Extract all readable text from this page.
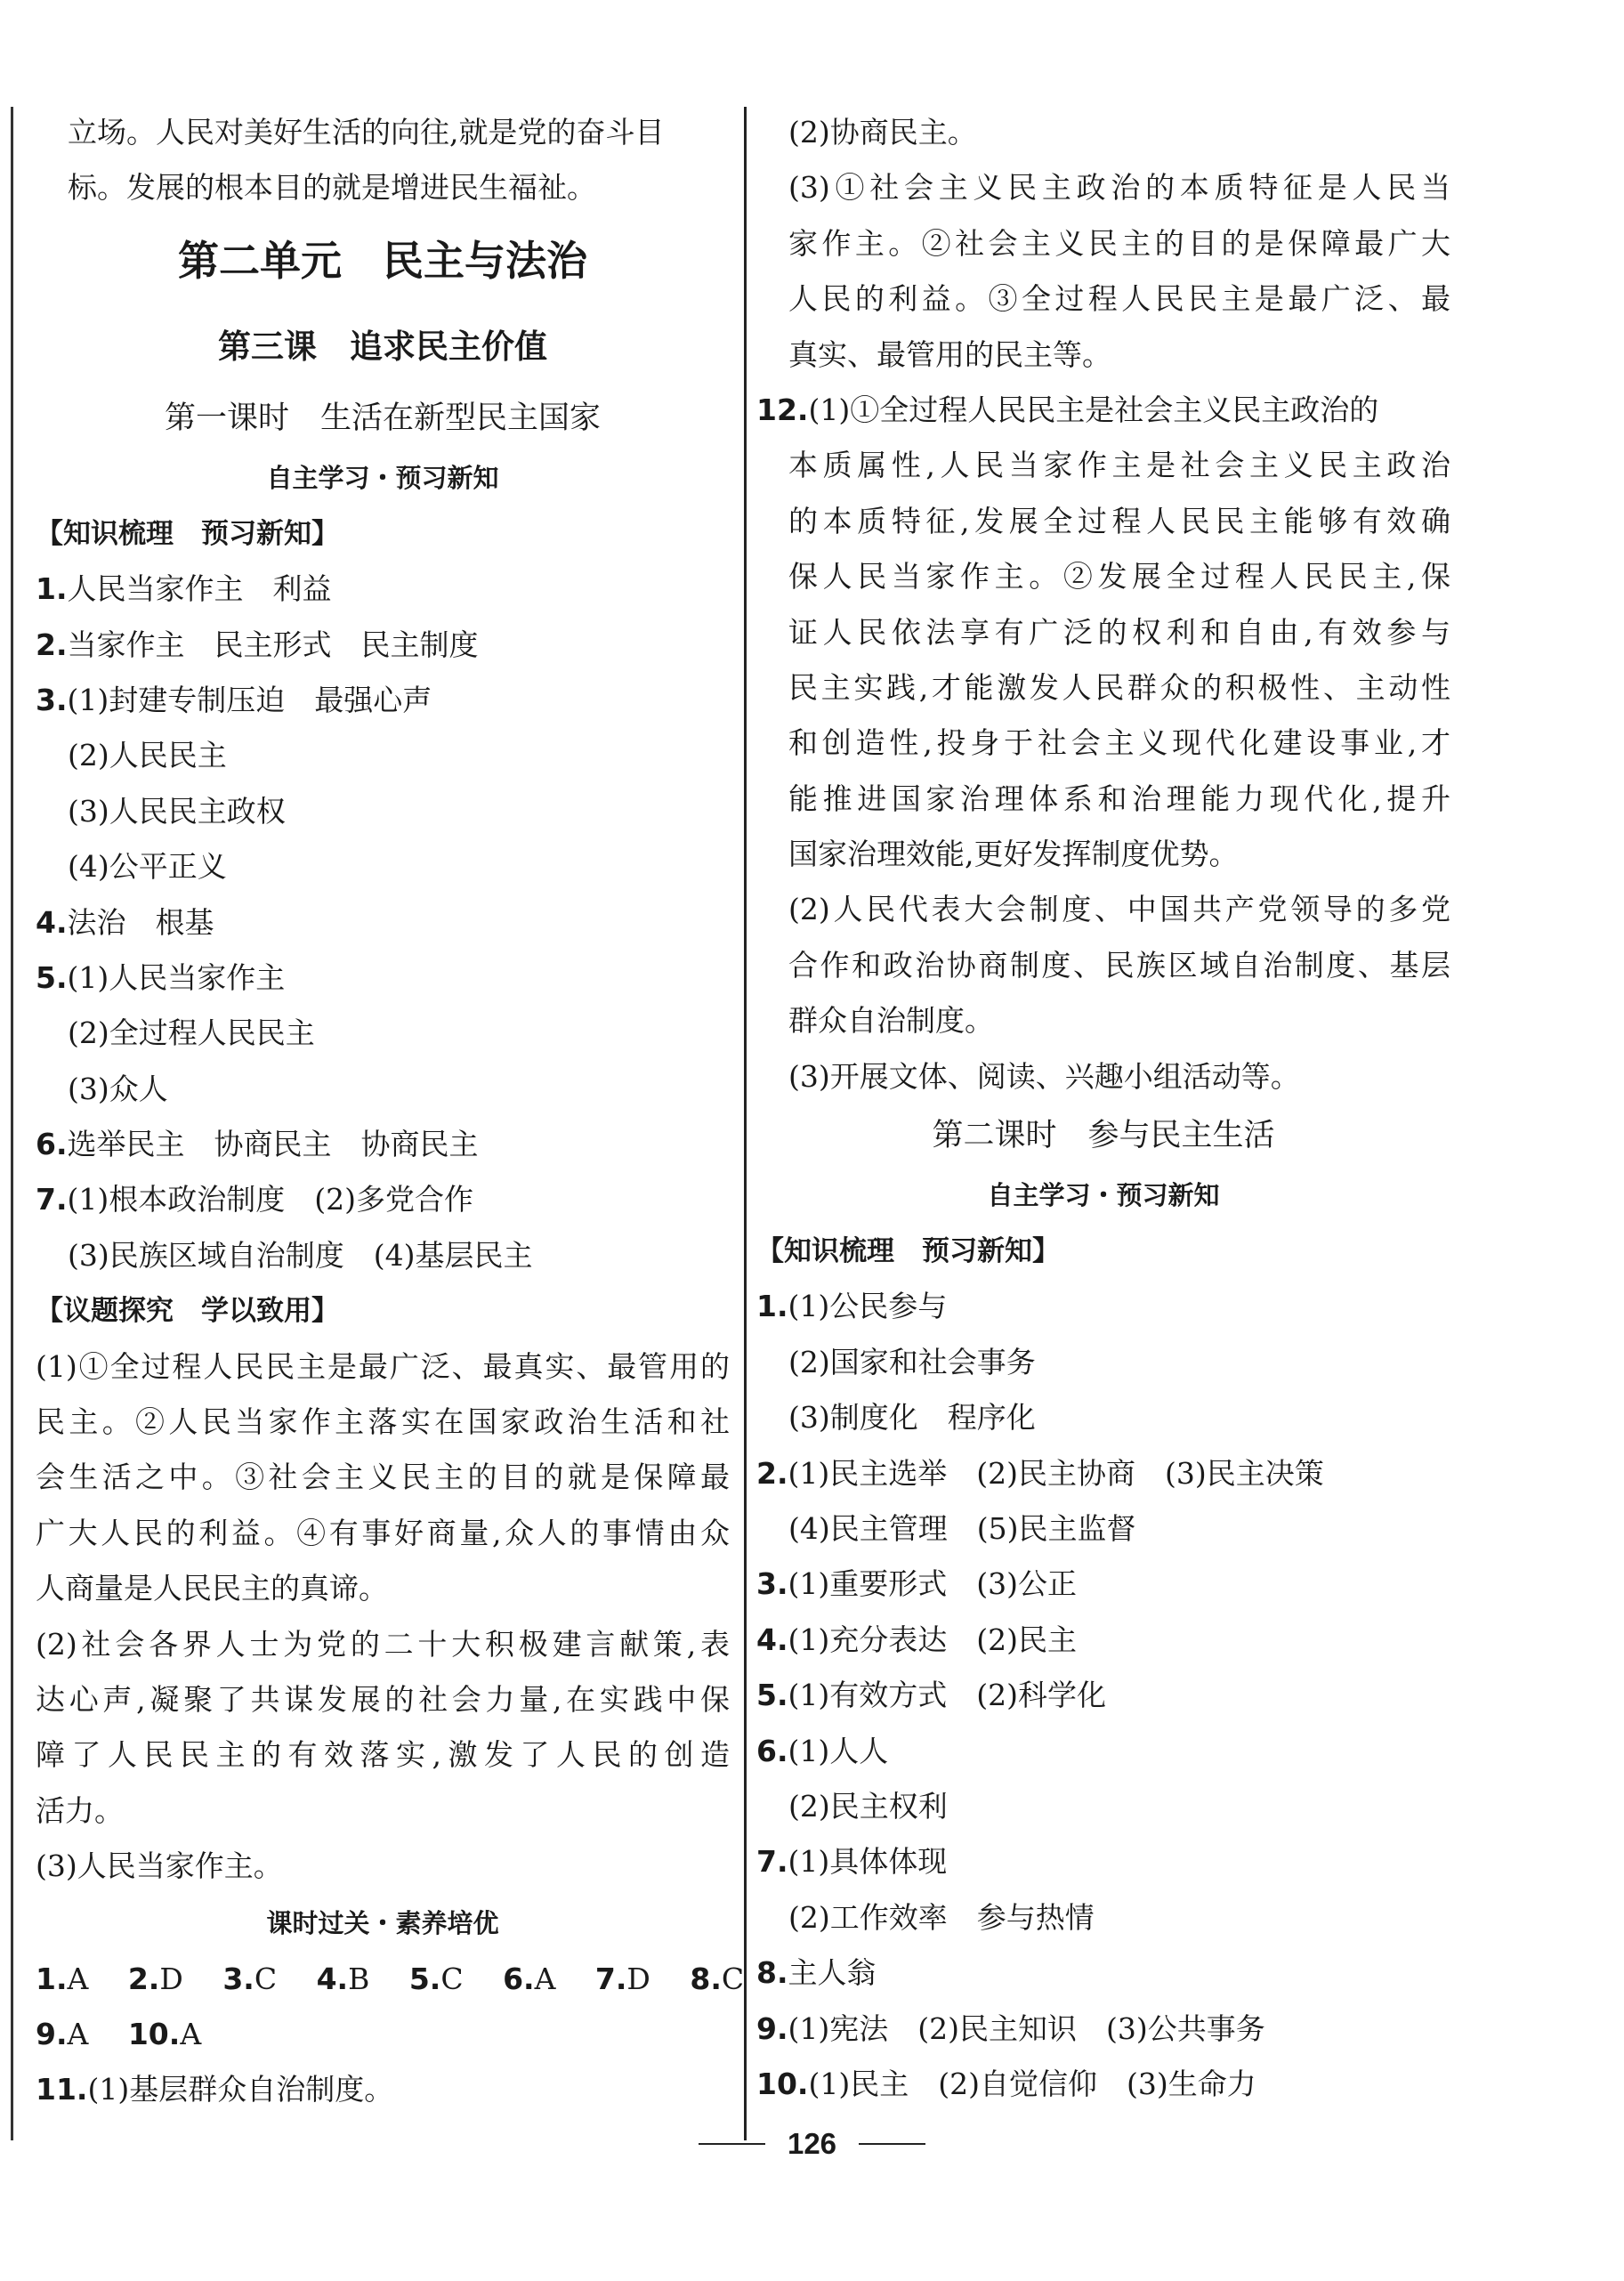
立场。人民对美好生活的向往,就是党的奋斗目
标。发展的根本目的就是增进民生福祉。
第二单元　民主与法治
第三课　追求民主价值
第一课时　生活在新型民主国家
自主学习・预习新知
【知识梳理　预习新知】
1.人民当家作主　利益
2.当家作主　民主形式　民主制度
3.(1)封建专制压迫　最强心声
(2)人民民主
(3)人民民主政权
(4)公平正义
4.法治　根基
5.(1)人民当家作主
(2)全过程人民民主
(3)众人
6.选举民主　协商民主　协商民主
7.(1)根本政治制度　(2)多党合作
(3)民族区域自治制度　(4)基层民主
【议题探究　学以致用】
(1)①全过程人民民主是最广泛、最真实、最管用的
民主。②人民当家作主落实在国家政治生活和社
会生活之中。③社会主义民主的目的就是保障最
广大人民的利益。④有事好商量,众人的事情由众
人商量是人民民主的真谛。
(2)社会各界人士为党的二十大积极建言献策,表
达心声,凝聚了共谋发展的社会力量,在实践中保
障了人民民主的有效落实,激发了人民的创造
活力。
(3)人民当家作主。
课时过关・素养培优
1.A 2.D 3.C 4.B 5.C 6.A 7.D 8.C
9.A 10.A
11.(1)基层群众自治制度。
(2)协商民主。
(3)①社会主义民主政治的本质特征是人民当
家作主。②社会主义民主的目的是保障最广大
人民的利益。③全过程人民民主是最广泛、最
真实、最管用的民主等。
12.(1)①全过程人民民主是社会主义民主政治的
本质属性,人民当家作主是社会主义民主政治
的本质特征,发展全过程人民民主能够有效确
保人民当家作主。②发展全过程人民民主,保
证人民依法享有广泛的权利和自由,有效参与
民主实践,才能激发人民群众的积极性、主动性
和创造性,投身于社会主义现代化建设事业,才
能推进国家治理体系和治理能力现代化,提升
国家治理效能,更好发挥制度优势。
(2)人民代表大会制度、中国共产党领导的多党
合作和政治协商制度、民族区域自治制度、基层
群众自治制度。
(3)开展文体、阅读、兴趣小组活动等。
第二课时　参与民主生活
自主学习・预习新知
【知识梳理　预习新知】
1.(1)公民参与
(2)国家和社会事务
(3)制度化　程序化
2.(1)民主选举　(2)民主协商　(3)民主决策
(4)民主管理　(5)民主监督
3.(1)重要形式　(3)公正
4.(1)充分表达　(2)民主
5.(1)有效方式　(2)科学化
6.(1)人人
(2)民主权利
7.(1)具体体现
(2)工作效率　参与热情
8.主人翁
9.(1)宪法　(2)民主知识　(3)公共事务
10.(1)民主　(2)自觉信仰　(3)生命力
126
